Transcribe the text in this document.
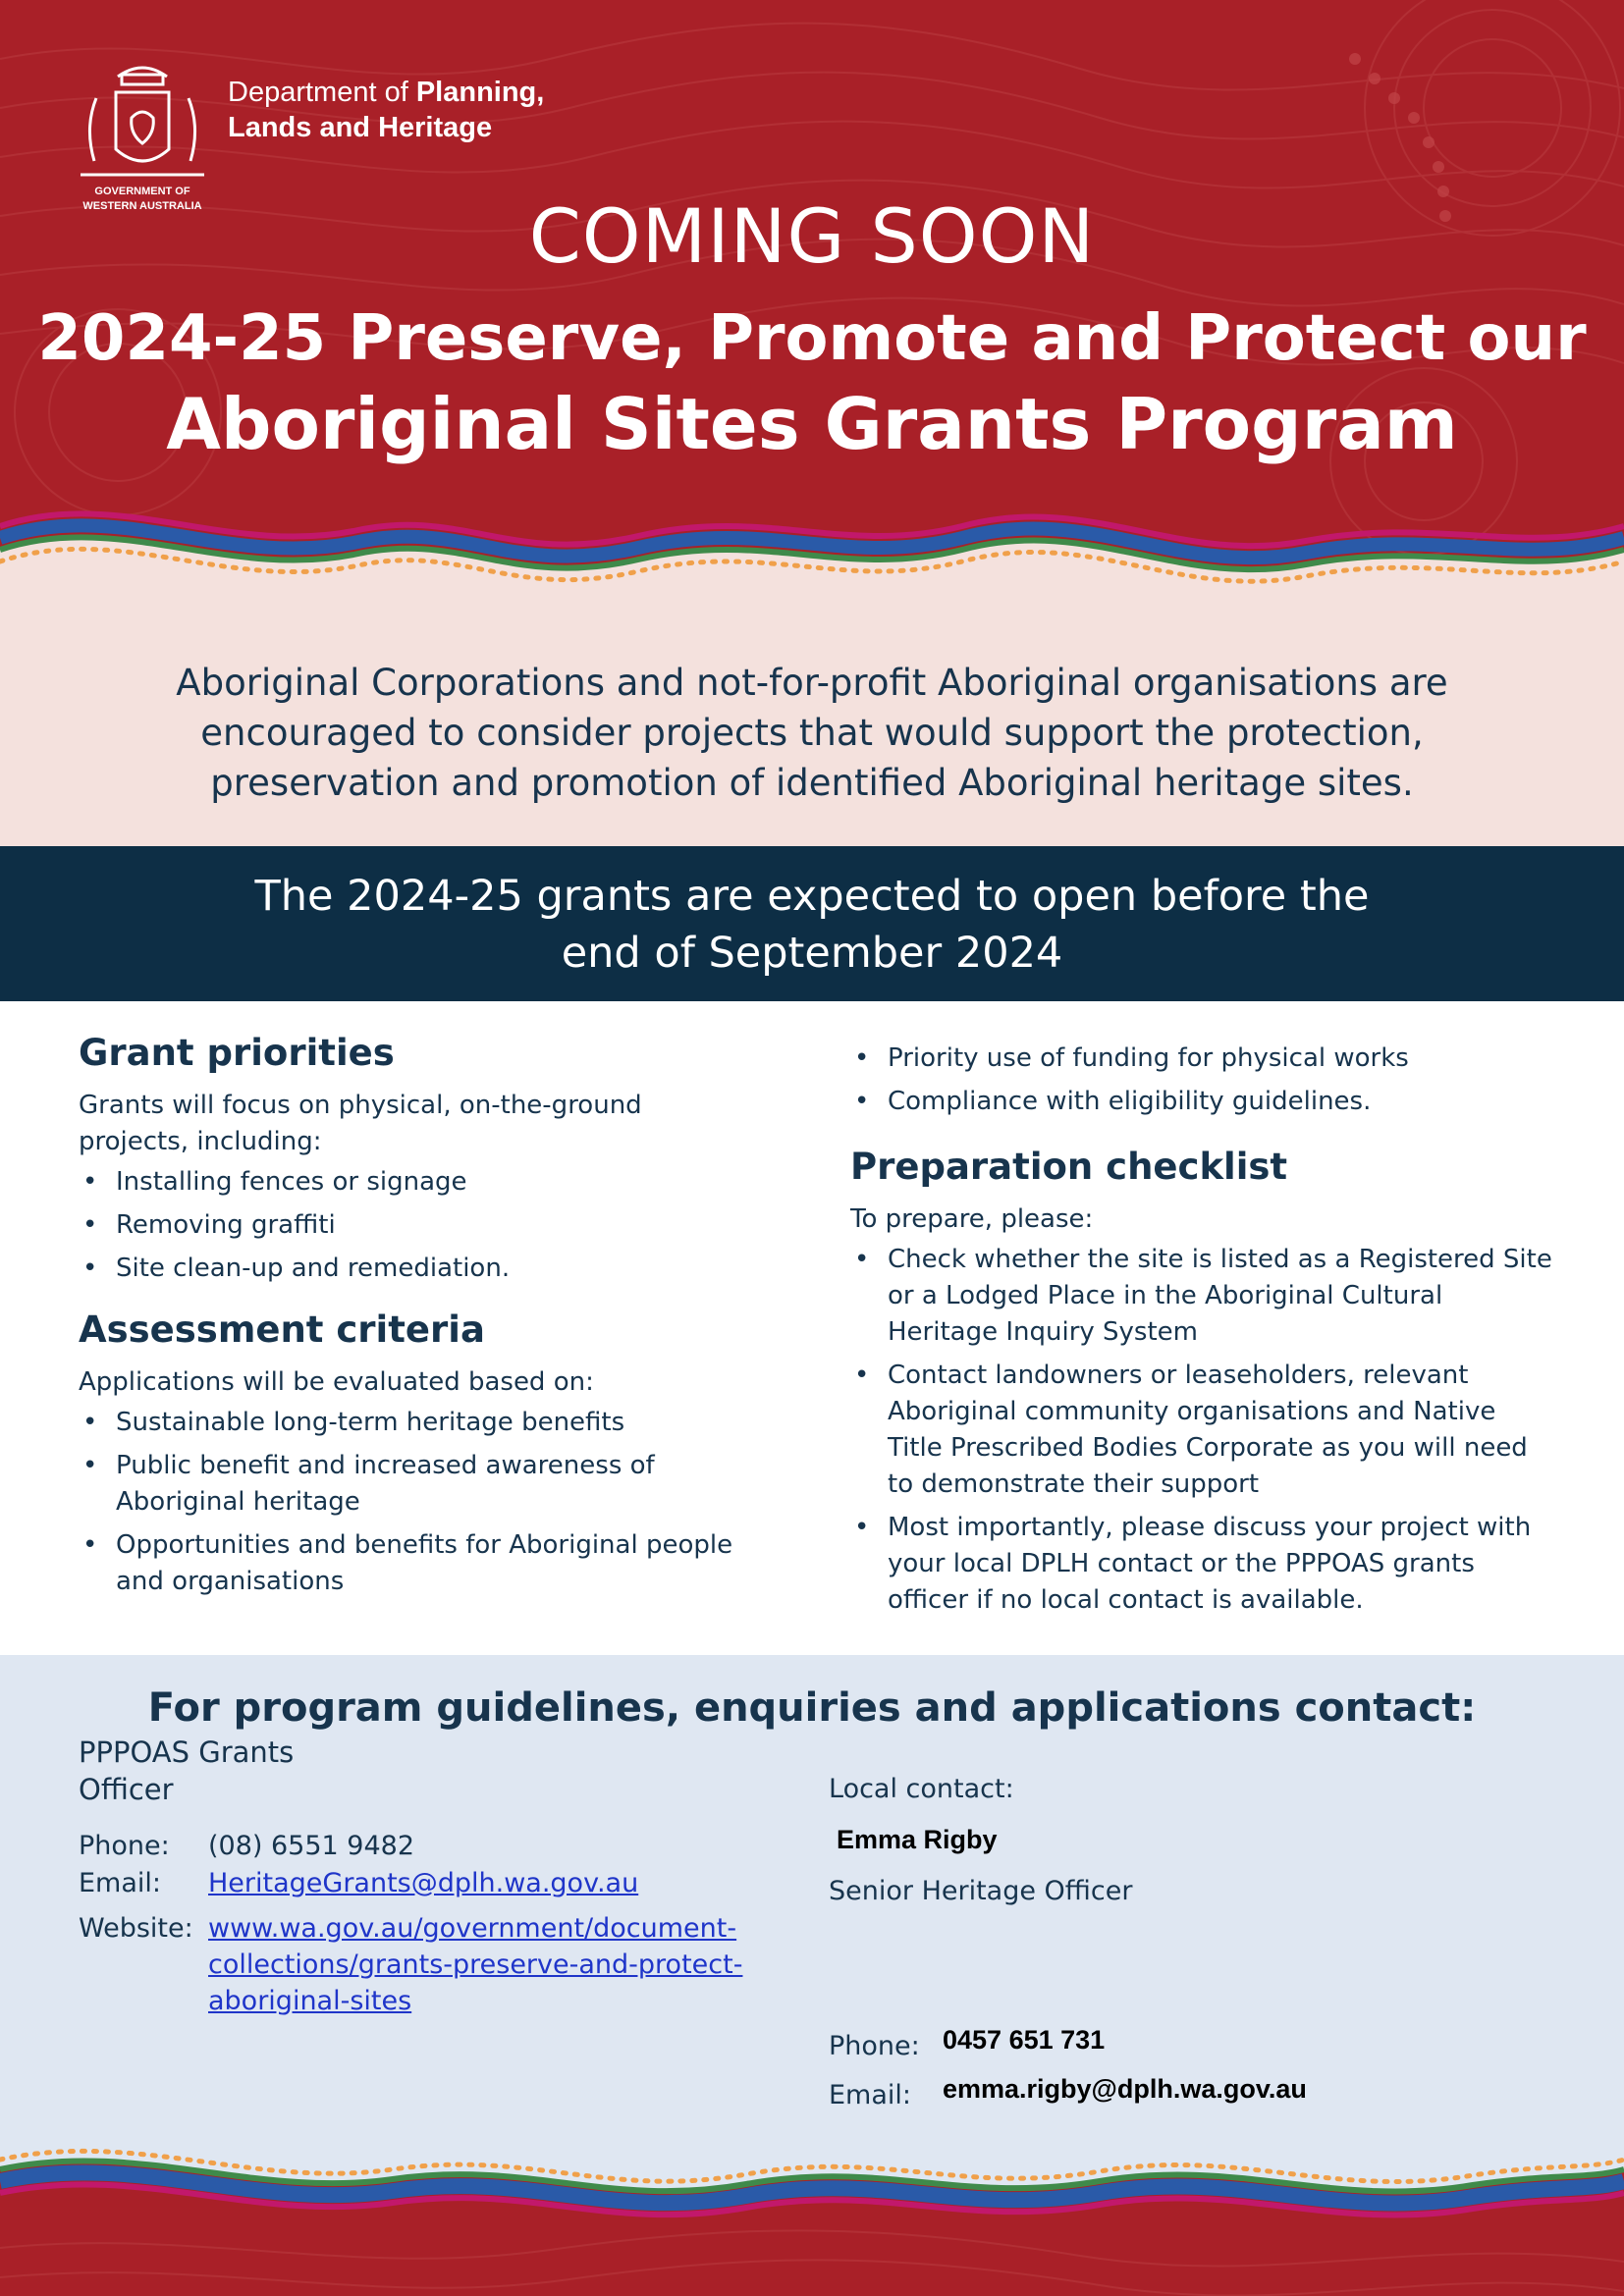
GOVERNMENT OF
WESTERN AUSTRALIA
Department of Planning,
Lands and Heritage
COMING SOON
2024-25 Preserve, Promote and Protect our
Aboriginal Sites Grants Program
Aboriginal Corporations and not-for-profit Aboriginal organisations are
encouraged to consider projects that would support the protection,
preservation and promotion of identified Aboriginal heritage sites.
The 2024-25 grants are expected to open before the
end of September 2024
Grant priorities

Grants will focus on physical, on-the-ground

projects, including:

• Installing fences or signage
• Removing graffiti
• Site clean-up and remediation.
Assessment criteria

Applications will be evaluated based on:

• Sustainable long-term heritage benefits
• Public benefit and increased awareness of Aboriginal heritage
• Opportunities and benefits for Aboriginal people and organisations
• Priority use of funding for physical works
• Compliance with eligibility guidelines.
Preparation checklist

To prepare, please:

• Check whether the site is listed as a Registered Site or a Lodged Place in the Aboriginal Cultural Heritage Inquiry System
• Contact landowners or leaseholders, relevant Aboriginal community organisations and Native Title Prescribed Bodies Corporate as you will need to demonstrate their support
• Most importantly, please discuss your project with your local DPLH contact or the PPPOAS grants officer if no local contact is available.
For program guidelines, enquiries and applications contact:
PPPOAS Grants
Officer
Phone: (08) 6551 9482
Email: HeritageGrants@dplh.wa.gov.au
Website: www.wa.gov.au/government/document-
collections/grants-preserve-and-protect-
aboriginal-sites
Local contact:
Emma Rigby
Senior Heritage Officer
Phone: 0457 651 731
Email: emma.rigby@dplh.wa.gov.au
